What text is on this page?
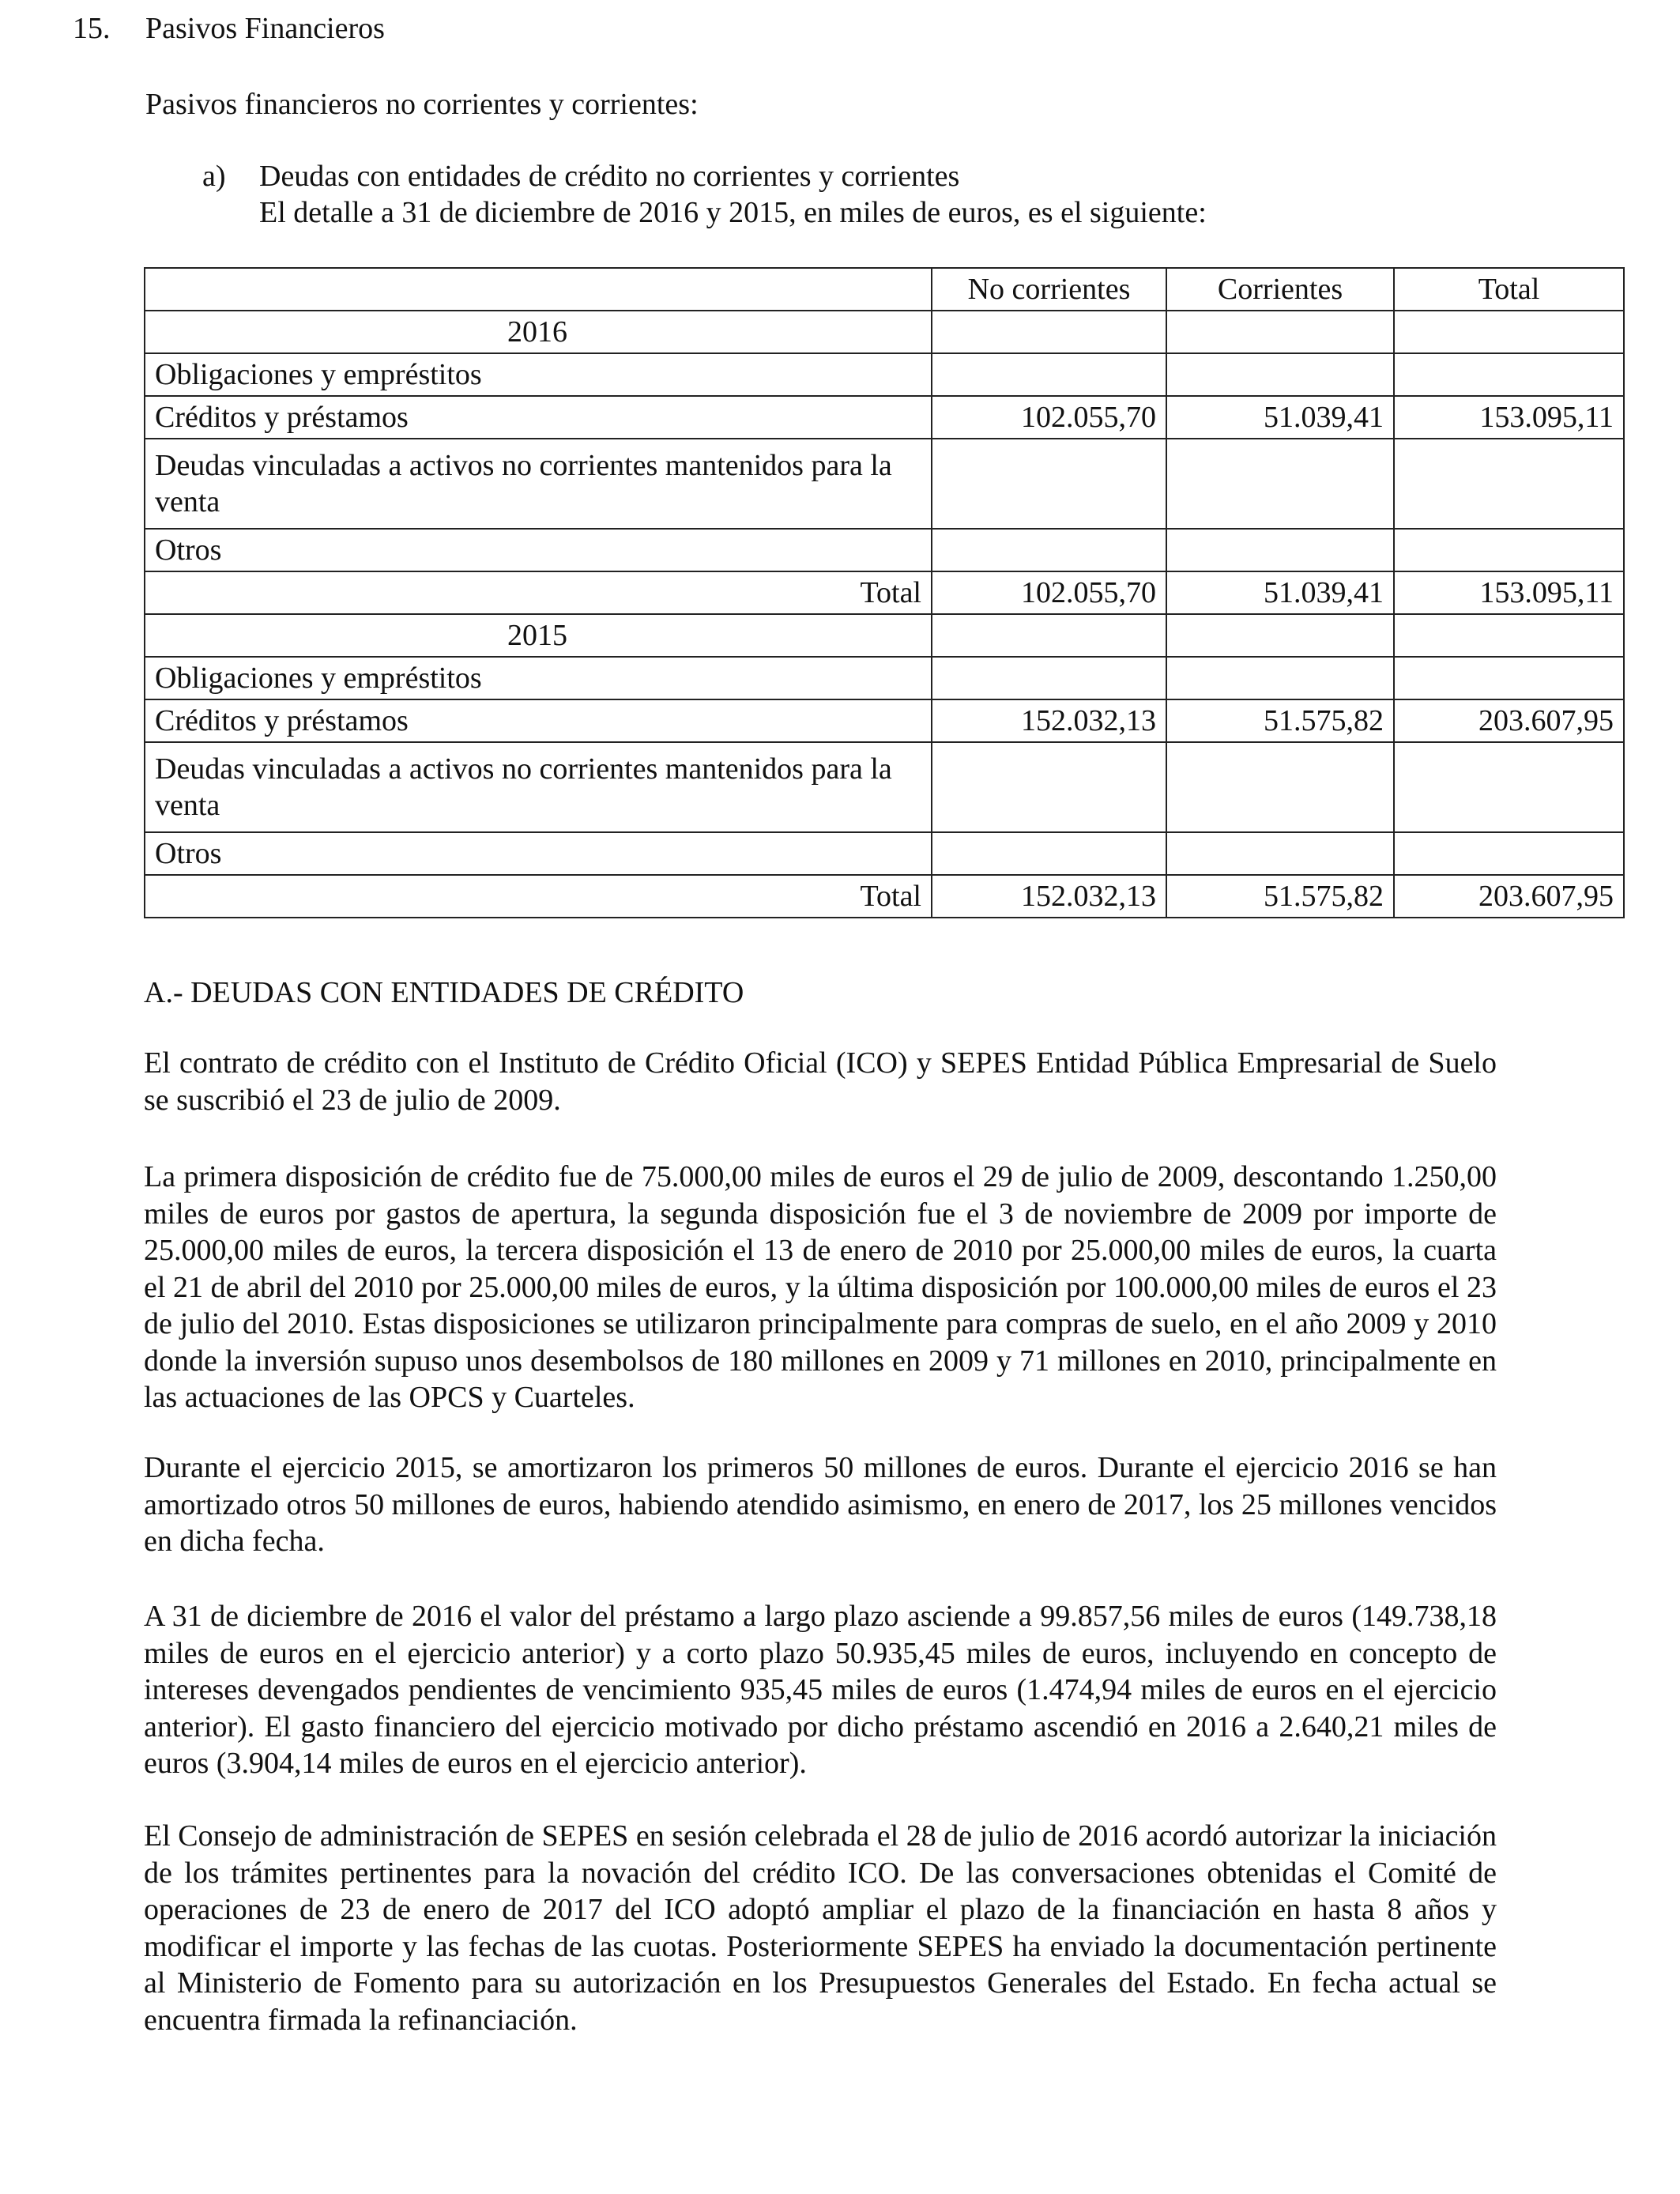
15. Pasivos Financieros
Pasivos financieros no corrientes y corrientes:
a) Deudas con entidades de crédito no corrientes y corrientes
El detalle a 31 de diciembre de 2016 y 2015, en miles de euros, es el siguiente:
	No corrientes	Corrientes	Total
2016			
Obligaciones y empréstitos			
Créditos y préstamos	102.055,70	51.039,41	153.095,11
Deudas vinculadas a activos no corrientes mantenidos para la venta			
Otros			
Total	102.055,70	51.039,41	153.095,11
2015			
Obligaciones y empréstitos			
Créditos y préstamos	152.032,13	51.575,82	203.607,95
Deudas vinculadas a activos no corrientes mantenidos para la venta			
Otros			
Total	152.032,13	51.575,82	203.607,95
A.- DEUDAS CON ENTIDADES DE CRÉDITO

El contrato de crédito con el Instituto de Crédito Oficial (ICO) y SEPES Entidad Pública Empresarial de Suelo se suscribió el 23 de julio de 2009.

La primera disposición de crédito fue de 75.000,00 miles de euros el 29 de julio de 2009, descontando 1.250,00 miles de euros por gastos de apertura, la segunda disposición fue el 3 de noviembre de 2009 por importe de 25.000,00 miles de euros, la tercera disposición el 13 de enero de 2010 por 25.000,00 miles de euros, la cuarta el 21 de abril del 2010 por 25.000,00 miles de euros, y la última disposición por 100.000,00 miles de euros el 23 de julio del 2010. Estas disposiciones se utilizaron principalmente para compras de suelo, en el año 2009 y 2010 donde la inversión supuso unos desembolsos de 180 millones en 2009 y 71 millones en 2010, principalmente en las actuaciones de las OPCS y Cuarteles.

Durante el ejercicio 2015, se amortizaron los primeros 50 millones de euros. Durante el ejercicio 2016 se han amortizado otros 50 millones de euros, habiendo atendido asimismo, en enero de 2017, los 25 millones vencidos en dicha fecha.

A 31 de diciembre de 2016 el valor del préstamo a largo plazo asciende a 99.857,56 miles de euros (149.738,18 miles de euros en el ejercicio anterior) y a corto plazo 50.935,45 miles de euros, incluyendo en concepto de intereses devengados pendientes de vencimiento 935,45 miles de euros (1.474,94 miles de euros en el ejercicio anterior). El gasto financiero del ejercicio motivado por dicho préstamo ascendió en 2016 a 2.640,21 miles de euros (3.904,14 miles de euros en el ejercicio anterior).

El Consejo de administración de SEPES en sesión celebrada el 28 de julio de 2016 acordó autorizar la iniciación de los trámites pertinentes para la novación del crédito ICO. De las conversaciones obtenidas el Comité de operaciones de 23 de enero de 2017 del ICO adoptó ampliar el plazo de la financiación en hasta 8 años y modificar el importe y las fechas de las cuotas. Posteriormente SEPES ha enviado la documentación pertinente al Ministerio de Fomento para su autorización en los Presupuestos Generales del Estado. En fecha actual se encuentra firmada la refinanciación.
